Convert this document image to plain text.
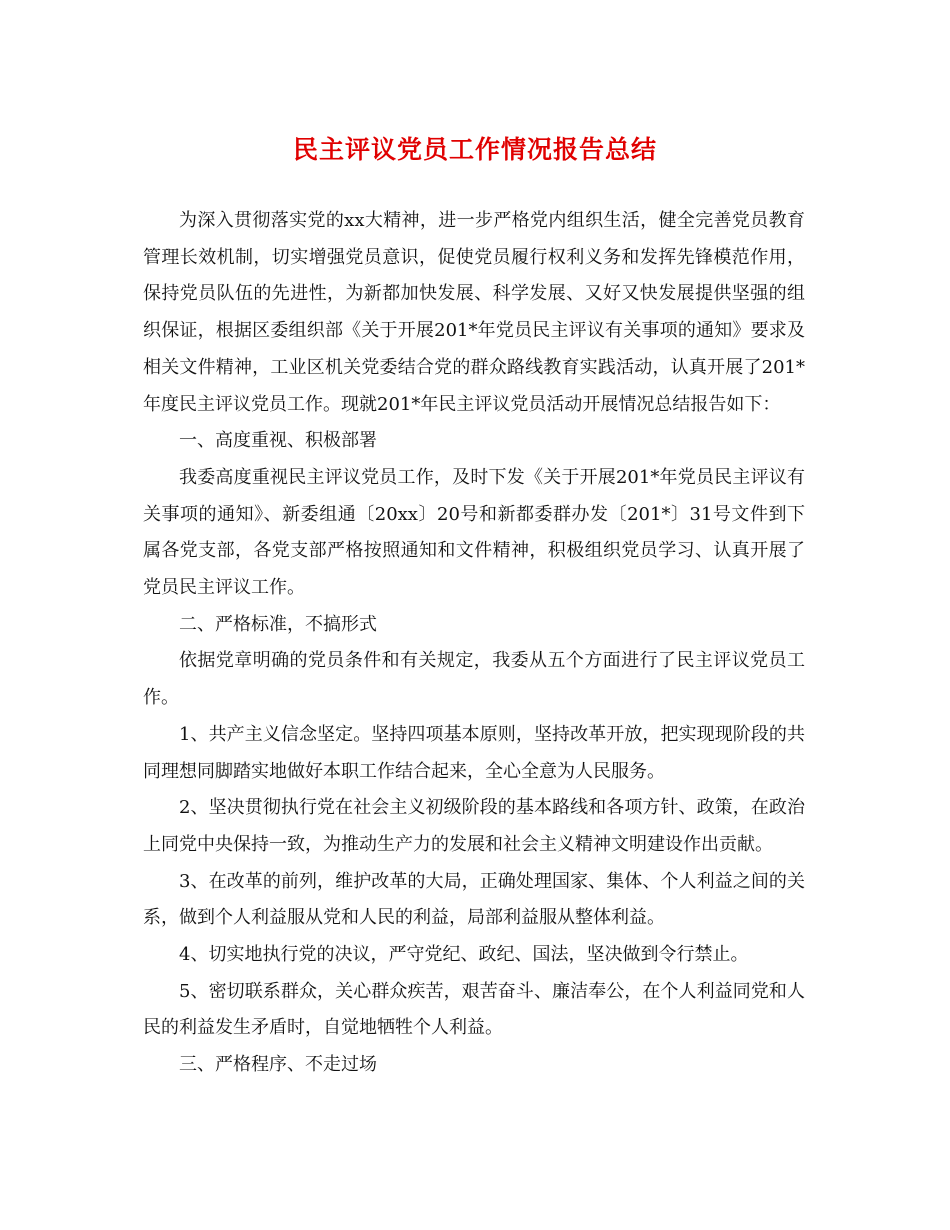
民主评议党员工作情况报告总结

为深入贯彻落实党的xx大精神，进一步严格党内组织生活，健全完善党员教育管理长效机制，切实增强党员意识，促使党员履行权利义务和发挥先锋模范作用，保持党员队伍的先进性，为新都加快发展、科学发展、又好又快发展提供坚强的组织保证，根据区委组织部《关于开展201*年党员民主评议有关事项的通知》要求及相关文件精神，工业区机关党委结合党的群众路线教育实践活动，认真开展了201*年度民主评议党员工作。现就201*年民主评议党员活动开展情况总结报告如下：

一、高度重视、积极部署

我委高度重视民主评议党员工作，及时下发《关于开展201*年党员民主评议有关事项的通知》、新委组通〔20xx〕20号和新都委群办发〔201*〕31号文件到下属各党支部，各党支部严格按照通知和文件精神，积极组织党员学习、认真开展了党员民主评议工作。

二、严格标准，不搞形式

依据党章明确的党员条件和有关规定，我委从五个方面进行了民主评议党员工作。

1、共产主义信念坚定。坚持四项基本原则，坚持改革开放，把实现现阶段的共同理想同脚踏实地做好本职工作结合起来，全心全意为人民服务。

2、坚决贯彻执行党在社会主义初级阶段的基本路线和各项方针、政策，在政治上同党中央保持一致，为推动生产力的发展和社会主义精神文明建设作出贡献。

3、在改革的前列，维护改革的大局，正确处理国家、集体、个人利益之间的关系，做到个人利益服从党和人民的利益，局部利益服从整体利益。

4、切实地执行党的决议，严守党纪、政纪、国法，坚决做到令行禁止。

5、密切联系群众，关心群众疾苦，艰苦奋斗、廉洁奉公，在个人利益同党和人民的利益发生矛盾时，自觉地牺牲个人利益。

三、严格程序、不走过场
